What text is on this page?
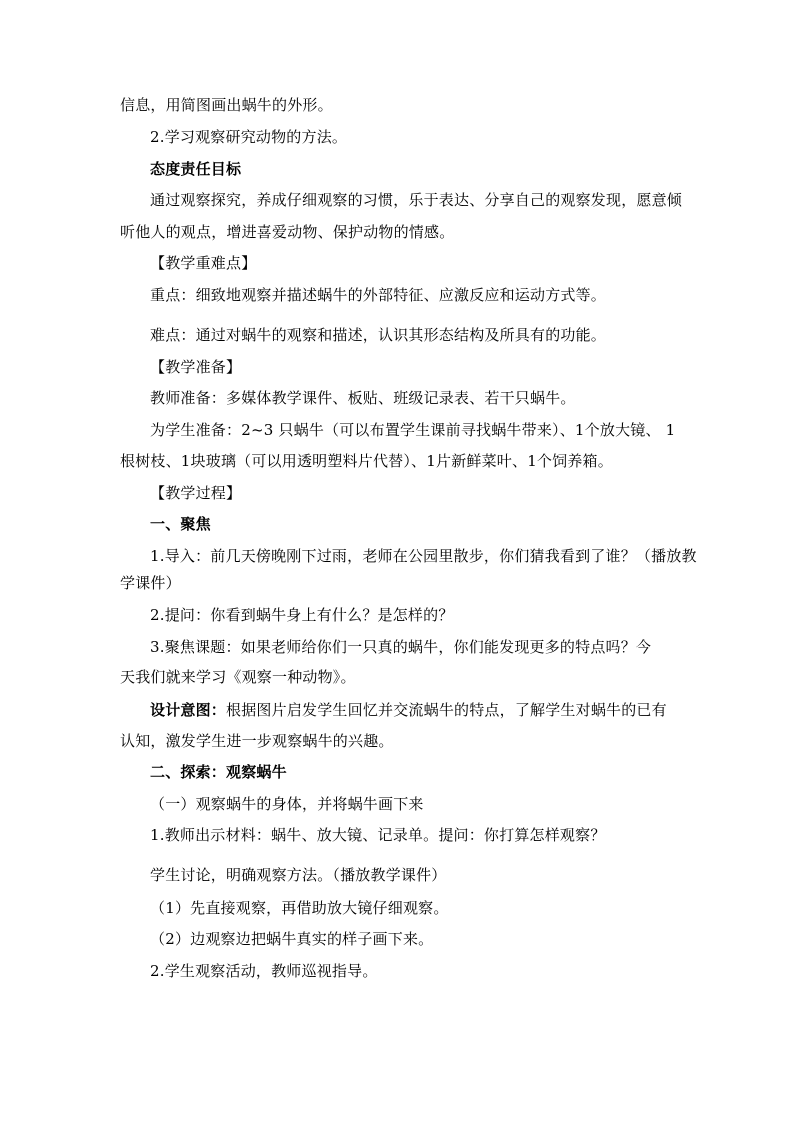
信息，用简图画出蜗牛的外形。
2.学习观察研究动物的方法。
态度责任目标
通过观察探究，养成仔细观察的习惯，乐于表达、分享自己的观察发现，愿意倾
听他人的观点，增进喜爱动物、保护动物的情感。
【教学重难点】
重点：细致地观察并描述蜗牛的外部特征、应激反应和运动方式等。
难点：通过对蜗牛的观察和描述，认识其形态结构及所具有的功能。
【教学准备】
教师准备：多媒体教学课件、板贴、班级记录表、若干只蜗牛。
为学生准备：2~3 只蜗牛（可以布置学生课前寻找蜗牛带来）、1个放大镜、 1
根树枝、1块玻璃（可以用透明塑料片代替）、1片新鲜菜叶、1个饲养箱。
【教学过程】
一、聚焦
1.导入：前几天傍晚刚下过雨，老师在公园里散步，你们猜我看到了谁？（播放教
学课件）
2.提问：你看到蜗牛身上有什么？是怎样的？
3.聚焦课题：如果老师给你们一只真的蜗牛，你们能发现更多的特点吗？今
天我们就来学习《观察一种动物》。
设计意图：根据图片启发学生回忆并交流蜗牛的特点，了解学生对蜗牛的已有
认知，激发学生进一步观察蜗牛的兴趣。
二、探索：观察蜗牛
（一）观察蜗牛的身体，并将蜗牛画下来
1.教师出示材料：蜗牛、放大镜、记录单。提问：你打算怎样观察？
学生讨论，明确观察方法。（播放教学课件）
（1）先直接观察，再借助放大镜仔细观察。
（2）边观察边把蜗牛真实的样子画下来。
2.学生观察活动，教师巡视指导。
